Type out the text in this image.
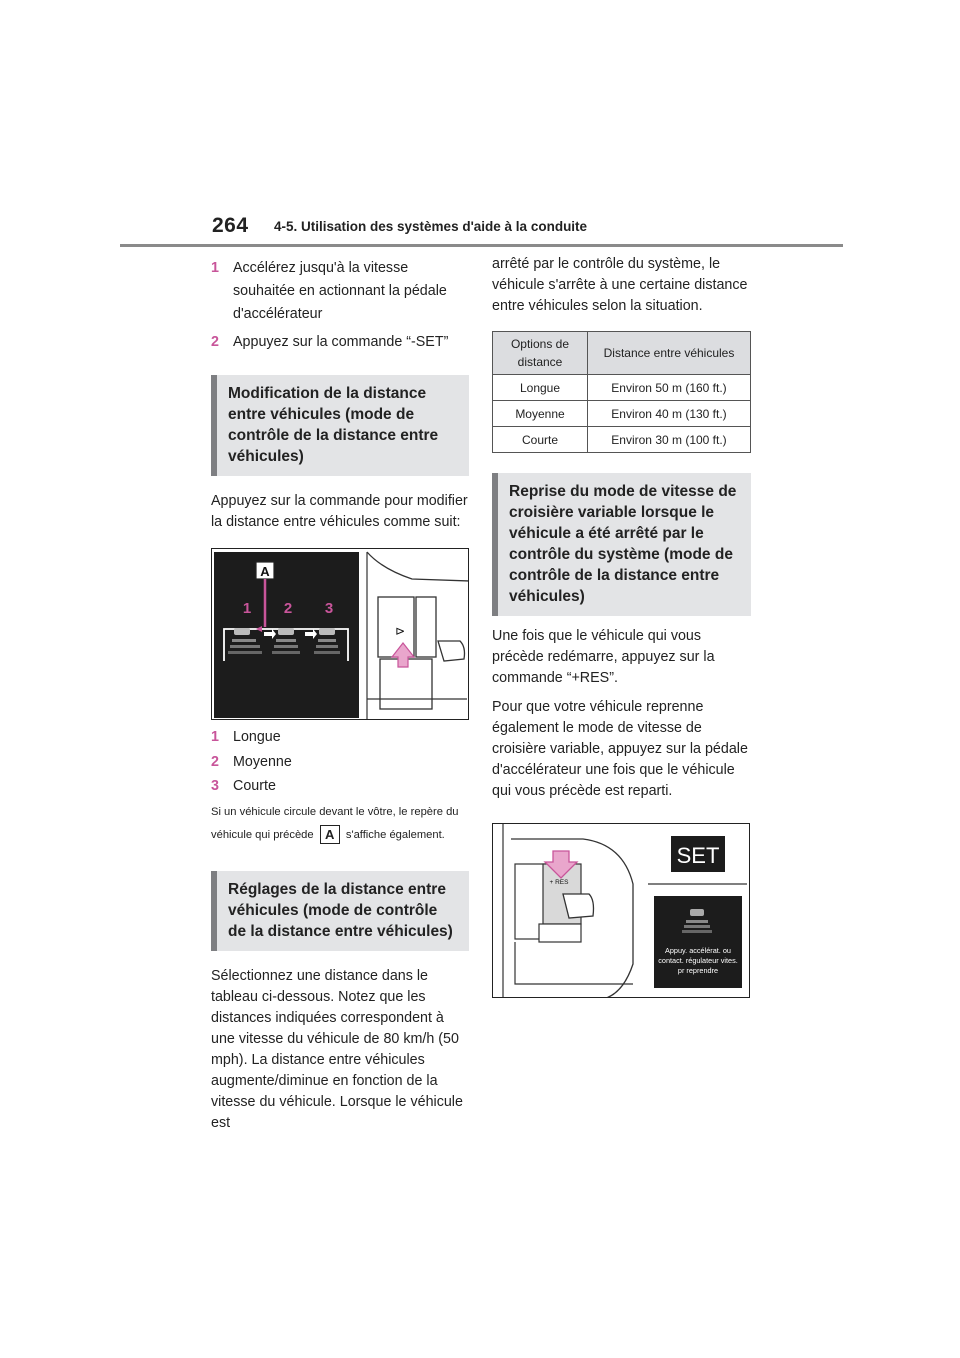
264 4-5. Utilisation des systèmes d'aide à la conduite
1 Accélérez jusqu'à la vitesse souhaitée en actionnant la pédale d'accélérateur
2 Appuyez sur la commande “-SET”
Modification de la distance entre véhicules (mode de contrôle de la distance entre véhicules)
Appuyez sur la commande pour modifier la distance entre véhicules comme suit:
A
1 2 3
⊳
1 Longue
2 Moyenne
3 Courte
Si un véhicule circule devant le vôtre, le repère du véhicule qui précède A s'affiche également.
Réglages de la distance entre véhicules (mode de contrôle de la distance entre véhicules)
Sélectionnez une distance dans le tableau ci-dessous. Notez que les distances indiquées correspondent à une vitesse du véhicule de 80 km/h (50 mph). La distance entre véhicules augmente/diminue en fonction de la vitesse du véhicule. Lorsque le véhicule est
arrêté par le contrôle du système, le véhicule s'arrête à une certaine distance entre véhicules selon la situation.
Options de distance	Distance entre véhicules
Longue	Environ 50 m (160 ft.)
Moyenne	Environ 40 m (130 ft.)
Courte	Environ 30 m (100 ft.)
Reprise du mode de vitesse de croisière variable lorsque le véhicule a été arrêté par le contrôle du système (mode de contrôle de la distance entre véhicules)
Une fois que le véhicule qui vous précède redémarre, appuyez sur la commande “+RES”.
Pour que votre véhicule reprenne également le mode de vitesse de croisière variable, appuyez sur la pédale d'accélérateur une fois que le véhicule qui vous précède est reparti.
+ RES
SET
Appuy. accélérat. ou contact. régulateur vites. pr reprendre
